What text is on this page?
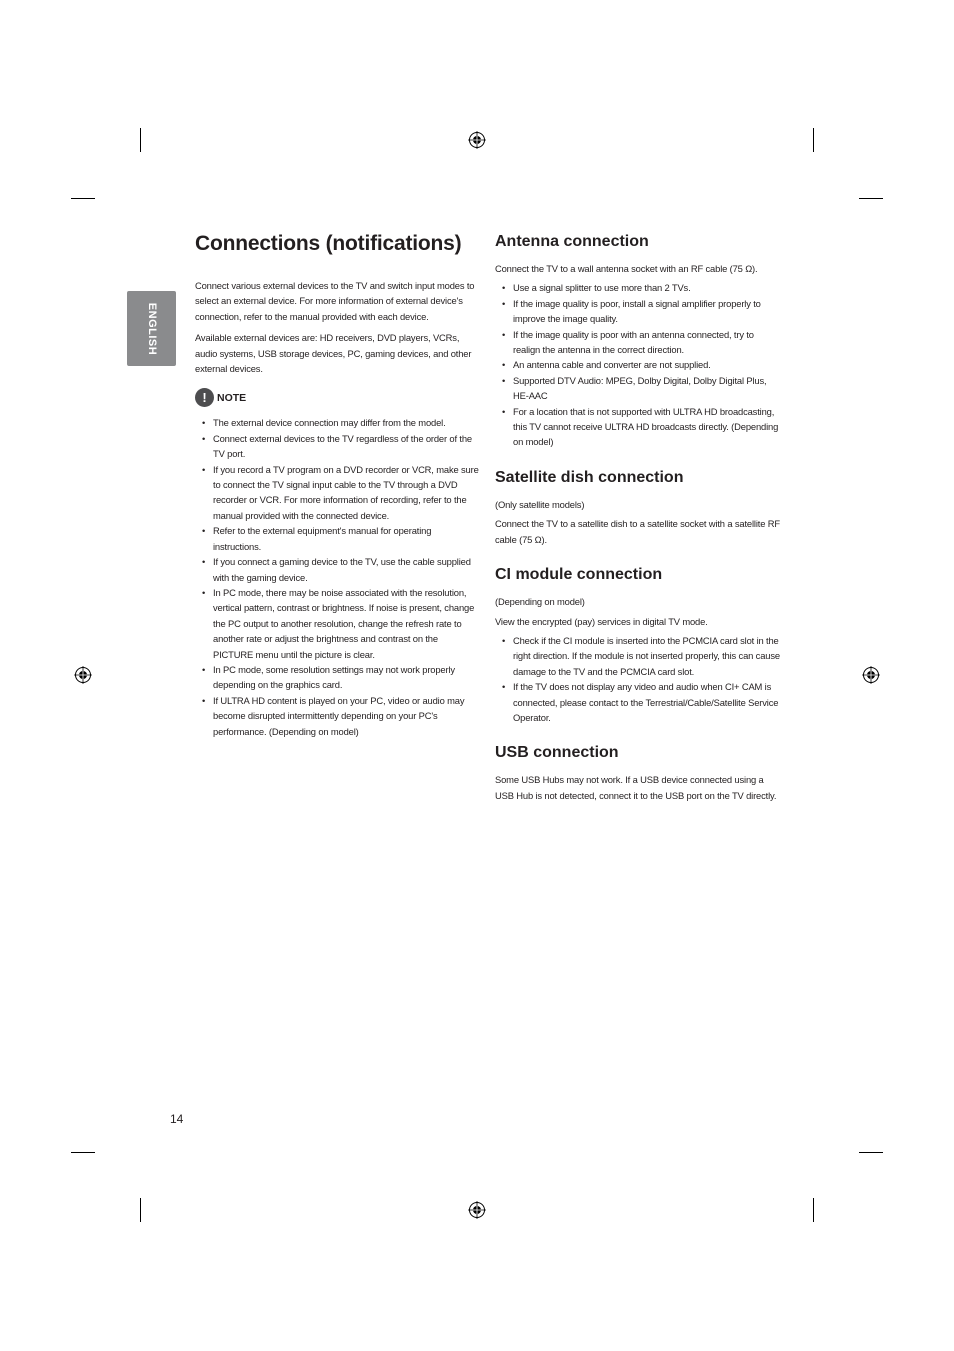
ENGLISH
Connections (notifications)

Connect various external devices to the TV and switch input modes to select an external device. For more information of external device's connection, refer to the manual provided with each device.

Available external devices are: HD receivers, DVD players, VCRs, audio systems, USB storage devices, PC, gaming devices, and other external devices.

! NOTE
• The external device connection may differ from the model.
• Connect external devices to the TV regardless of the order of the TV port.
• If you record a TV program on a DVD recorder or VCR, make sure to connect the TV signal input cable to the TV through a DVD recorder or VCR. For more information of recording, refer to the manual provided with the connected device.
• Refer to the external equipment's manual for operating instructions.
• If you connect a gaming device to the TV, use the cable supplied with the gaming device.
• In PC mode, there may be noise associated with the resolution, vertical pattern, contrast or brightness. If noise is present, change the PC output to another resolution, change the refresh rate to another rate or adjust the brightness and contrast on the PICTURE menu until the picture is clear.
• In PC mode, some resolution settings may not work properly depending on the graphics card.
• If ULTRA HD content is played on your PC, video or audio may become disrupted intermittently depending on your PC's performance. (Depending on model)
Antenna connection

Connect the TV to a wall antenna socket with an RF cable (75 Ω).

• Use a signal splitter to use more than 2 TVs.
• If the image quality is poor, install a signal amplifier properly to improve the image quality.
• If the image quality is poor with an antenna connected, try to realign the antenna in the correct direction.
• An antenna cable and converter are not supplied.
• Supported DTV Audio: MPEG, Dolby Digital, Dolby Digital Plus, HE-AAC
• For a location that is not supported with ULTRA HD broadcasting, this TV cannot receive ULTRA HD broadcasts directly. (Depending on model)
Satellite dish connection

(Only satellite models)

Connect the TV to a satellite dish to a satellite socket with a satellite RF cable (75 Ω).

CI module connection

(Depending on model)

View the encrypted (pay) services in digital TV mode.

• Check if the CI module is inserted into the PCMCIA card slot in the right direction. If the module is not inserted properly, this can cause damage to the TV and the PCMCIA card slot.
• If the TV does not display any video and audio when CI+ CAM is connected, please contact to the Terrestrial/Cable/Satellite Service Operator.
USB connection

Some USB Hubs may not work. If a USB device connected using a USB Hub is not detected, connect it to the USB port on the TV directly.

14
